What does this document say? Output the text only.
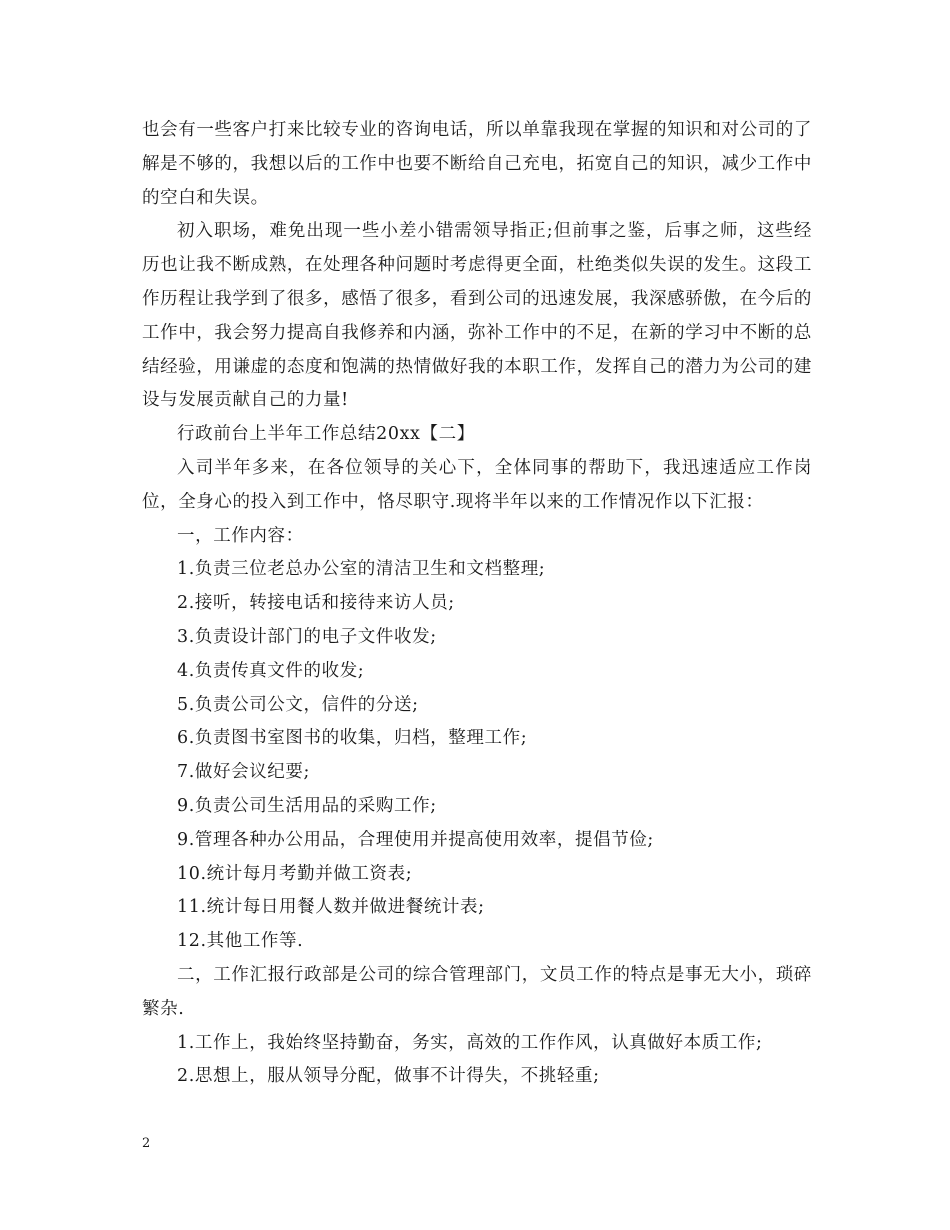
也会有一些客户打来比较专业的咨询电话，所以单靠我现在掌握的知识和对公司的了解是不够的，我想以后的工作中也要不断给自己充电，拓宽自己的知识，减少工作中的空白和失误。

初入职场，难免出现一些小差小错需领导指正;但前事之鉴，后事之师，这些经历也让我不断成熟，在处理各种问题时考虑得更全面，杜绝类似失误的发生。这段工作历程让我学到了很多，感悟了很多，看到公司的迅速发展，我深感骄傲，在今后的工作中，我会努力提高自我修养和内涵，弥补工作中的不足，在新的学习中不断的总结经验，用谦虚的态度和饱满的热情做好我的本职工作，发挥自己的潜力为公司的建设与发展贡献自己的力量!

行政前台上半年工作总结20xx【二】

入司半年多来，在各位领导的关心下，全体同事的帮助下，我迅速适应工作岗位，全身心的投入到工作中，恪尽职守.现将半年以来的工作情况作以下汇报：

一，工作内容：

1.负责三位老总办公室的清洁卫生和文档整理;

2.接听，转接电话和接待来访人员;

3.负责设计部门的电子文件收发;

4.负责传真文件的收发;

5.负责公司公文，信件的分送;

6.负责图书室图书的收集，归档，整理工作;

7.做好会议纪要;

9.负责公司生活用品的采购工作;

9.管理各种办公用品，合理使用并提高使用效率，提倡节俭;

10.统计每月考勤并做工资表;

11.统计每日用餐人数并做进餐统计表;

12.其他工作等.

二，工作汇报行政部是公司的综合管理部门，文员工作的特点是事无大小，琐碎繁杂.

1.工作上，我始终坚持勤奋，务实，高效的工作作风，认真做好本质工作;

2.思想上，服从领导分配，做事不计得失，不挑轻重;

2
